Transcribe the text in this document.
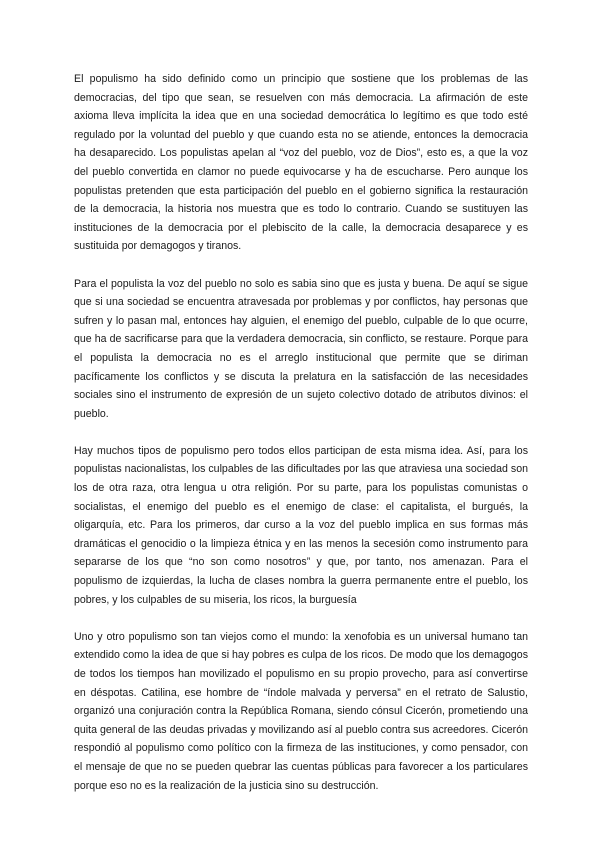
El populismo ha sido definido como un principio que sostiene que los problemas de las democracias, del tipo que sean, se resuelven con más democracia. La afirmación de este axioma lleva implícita la idea que en una sociedad democrática lo legítimo es que todo esté regulado por la voluntad del pueblo y que cuando esta no se atiende, entonces la democracia ha desaparecido. Los populistas apelan al “voz del pueblo, voz de Dios”, esto es, a que la voz del pueblo convertida en clamor no puede equivocarse y ha de escucharse. Pero aunque los populistas pretenden que esta participación del pueblo en el gobierno significa la restauración de la democracia, la historia nos muestra que es todo lo contrario. Cuando se sustituyen las instituciones de la democracia por el plebiscito de la calle, la democracia desaparece y es sustituida por demagogos y tiranos.

Para el populista la voz del pueblo no solo es sabia sino que es justa y buena. De aquí se sigue que si una sociedad se encuentra atravesada por problemas y por conflictos, hay personas que sufren y lo pasan mal, entonces hay alguien, el enemigo del pueblo, culpable de lo que ocurre, que ha de sacrificarse para que la verdadera democracia, sin conflicto, se restaure. Porque para el populista la democracia no es el arreglo institucional que permite que se diriman pacíficamente los conflictos y se discuta la prelatura en la satisfacción de las necesidades sociales sino el instrumento de expresión de un sujeto colectivo dotado de atributos divinos: el pueblo.

Hay muchos tipos de populismo pero todos ellos participan de esta misma idea. Así, para los populistas nacionalistas, los culpables de las dificultades por las que atraviesa una sociedad son los de otra raza, otra lengua u otra religión. Por su parte, para los populistas comunistas o socialistas, el enemigo del pueblo es el enemigo de clase: el capitalista, el burgués, la oligarquía, etc. Para los primeros, dar curso a la voz del pueblo implica en sus formas más dramáticas el genocidio o la limpieza étnica y en las menos la secesión como instrumento para separarse de los que “no son como nosotros” y que, por tanto, nos amenazan. Para el populismo de izquierdas, la lucha de clases nombra la guerra permanente entre el pueblo, los pobres, y los culpables de su miseria, los ricos, la burguesía

Uno y otro populismo son tan viejos como el mundo: la xenofobia es un universal humano tan extendido como la idea de que si hay pobres es culpa de los ricos. De modo que los demagogos de todos los tiempos han movilizado el populismo en su propio provecho, para así convertirse en déspotas. Catilina, ese hombre de “índole malvada y perversa” en el retrato de Salustio, organizó una conjuración contra la República Romana, siendo cónsul Cicerón, prometiendo una quita general de las deudas privadas y movilizando así al pueblo contra sus acreedores. Cicerón respondió al populismo como político con la firmeza de las instituciones, y como pensador, con el mensaje de que no se pueden quebrar las cuentas públicas para favorecer a los particulares porque eso no es la realización de la justicia sino su destrucción.
